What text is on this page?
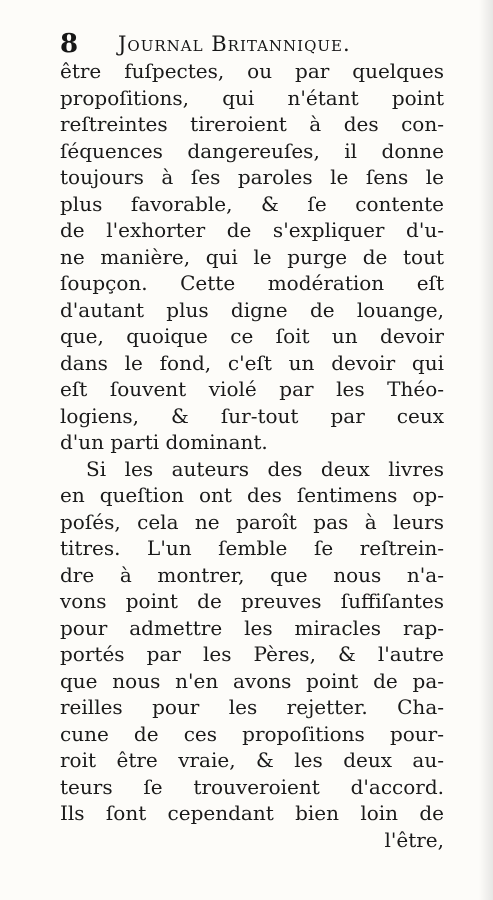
8 Journal Britannique.
être fuſpectes, ou par quelques
propoſitions, qui n'étant point
reſtreintes tireroient à des con-
ſéquences dangereuſes, il donne
toujours à ſes paroles le ſens le
plus favorable, & ſe contente
de l'exhorter de s'expliquer d'u-
ne manière, qui le purge de tout
ſoupçon. Cette modération eſt
d'autant plus digne de louange,
que, quoique ce ſoit un devoir
dans le fond, c'eſt un devoir qui
eſt ſouvent violé par les Théo-
logiens, & ſur-tout par ceux
d'un parti dominant.
Si les auteurs des deux livres
en queſtion ont des ſentimens op-
poſés, cela ne paroît pas à leurs
titres. L'un ſemble ſe reſtrein-
dre à montrer, que nous n'a-
vons point de preuves ſuffiſantes
pour admettre les miracles rap-
portés par les Pères, & l'autre
que nous n'en avons point de pa-
reilles pour les rejetter. Cha-
cune de ces propoſitions pour-
roit être vraie, & les deux au-
teurs ſe trouveroient d'accord.
Ils ſont cependant bien loin de
l'être,
